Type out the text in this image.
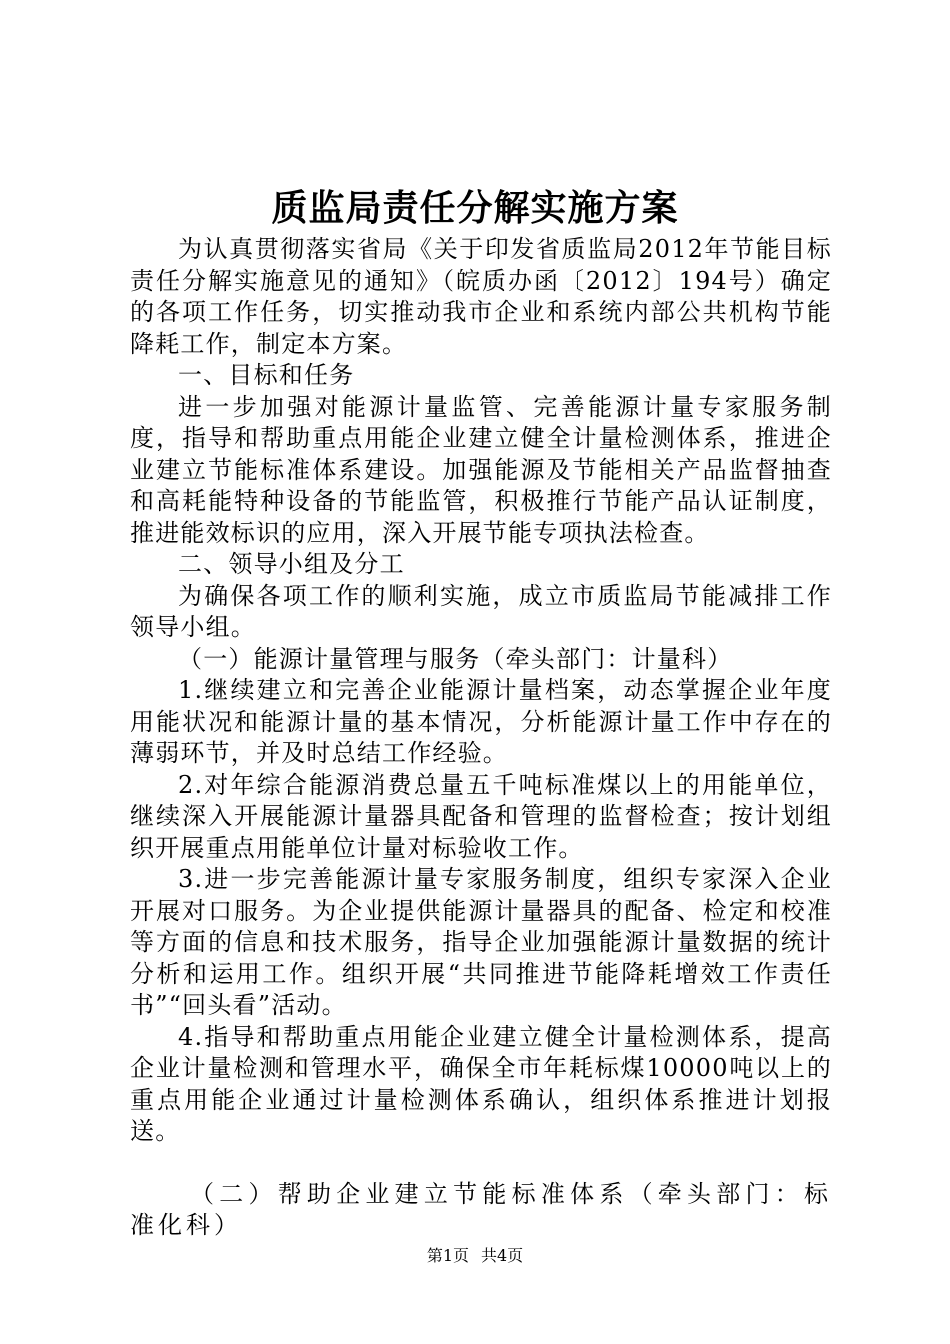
质监局责任分解实施方案

为认真贯彻落实省局《关于印发省质监局2012年节能目标责任分解实施意见的通知》（皖质办函〔2012〕194号）确定的各项工作任务，切实推动我市企业和系统内部公共机构节能降耗工作，制定本方案。

一、目标和任务

进一步加强对能源计量监管、完善能源计量专家服务制度，指导和帮助重点用能企业建立健全计量检测体系，推进企业建立节能标准体系建设。加强能源及节能相关产品监督抽查和高耗能特种设备的节能监管，积极推行节能产品认证制度，推进能效标识的应用，深入开展节能专项执法检查。

二、领导小组及分工

为确保各项工作的顺利实施，成立市质监局节能减排工作领导小组。

（一）能源计量管理与服务（牵头部门：计量科）

1.继续建立和完善企业能源计量档案，动态掌握企业年度用能状况和能源计量的基本情况，分析能源计量工作中存在的薄弱环节，并及时总结工作经验。

2.对年综合能源消费总量五千吨标准煤以上的用能单位，继续深入开展能源计量器具配备和管理的监督检查；按计划组织开展重点用能单位计量对标验收工作。

3.进一步完善能源计量专家服务制度，组织专家深入企业开展对口服务。为企业提供能源计量器具的配备、检定和校准等方面的信息和技术服务，指导企业加强能源计量数据的统计分析和运用工作。组织开展“共同推进节能降耗增效工作责任书”“回头看”活动。

4.指导和帮助重点用能企业建立健全计量检测体系，提高企业计量检测和管理水平，确保全市年耗标煤10000吨以上的重点用能企业通过计量检测体系确认，组织体系推进计划报送。

（二）帮助企业建立节能标准体系（牵头部门：标准化科）

第1页 共4页
